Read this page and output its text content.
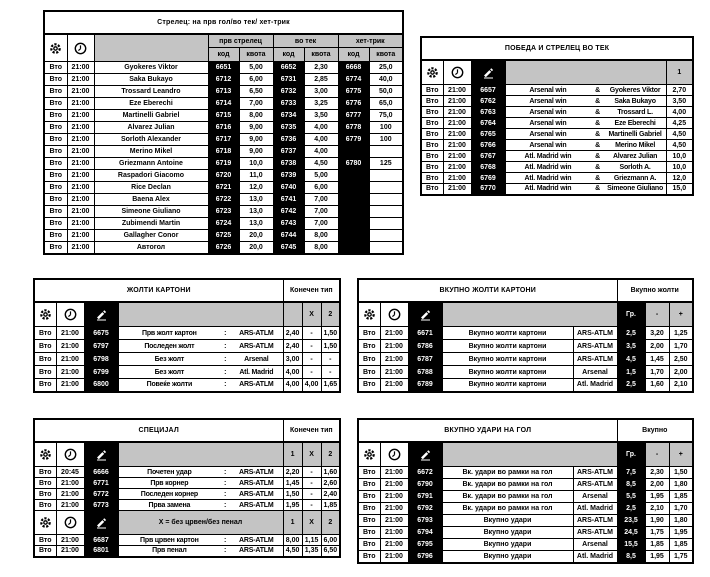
Стрелец: на прв гол/во тек/ хет-трик								

		прв стрелец		во тек		хет-трик	
			код	квота	код	квота	код	квота
Вто	21:00	Gyokeres Viktor	6651	5,00	6652	2,30	6668	25,0
Вто	21:00	Saka Bukayo	6712	6,00	6731	2,85	6774	40,0
Вто	21:00	Trossard Leandro	6713	6,50	6732	3,00	6775	50,0
Вто	21:00	Eze Eberechi	6714	7,00	6733	3,25	6776	65,0
Вто	21:00	Martinelli Gabriel	6715	8,00	6734	3,50	6777	75,0
Вто	21:00	Alvarez Julian	6716	9,00	6735	4,00	6778	100
Вто	21:00	Sorloth Alexander	6717	9,00	6736	4,00	6779	100
Вто	21:00	Merino Mikel	6718	9,00	6737	4,00		
Вто	21:00	Griezmann Antoine	6719	10,0	6738	4,50	6780	125
Вто	21:00	Raspadori Giacomo	6720	11,0	6739	5,00		
Вто	21:00	Rice Declan	6721	12,0	6740	6,00		
Вто	21:00	Baena Alex	6722	13,0	6741	7,00		
Вто	21:00	Simeone Giuliano	6723	13,0	6742	7,00		
Вто	21:00	Zubimendi Martin	6724	13,0	6743	7,00		
Вто	21:00	Gallagher Conor	6725	20,0	6744	8,00		
Вто	21:00	Автогол	6726	20,0	6745	8,00		
ПОБЕДА И СТРЕЛЕЦ ВО ТЕК				

		1
Вто	21:00	6657	Arsenal win & Gyokeres Viktor	2,70
Вто	21:00	6762	Arsenal win & Saka Bukayo	3,50
Вто	21:00	6763	Arsenal win & Trossard L.	4,00
Вто	21:00	6764	Arsenal win & Eze Eberechi	4,25
Вто	21:00	6765	Arsenal win & Martinelli Gabriel	4,50
Вто	21:00	6766	Arsenal win & Merino Mikel	4,50
Вто	21:00	6767	Atl. Madrid win & Alvarez Julian	10,0
Вто	21:00	6768	Atl. Madrid win & Sorloth A.	10,0
Вто	21:00	6769	Atl. Madrid win & Griezmann A.	12,0
Вто	21:00	6770	Atl. Madrid win & Simeone Giuliano	15,0
ЖОЛТИ КАРТОНИ				Конечен тип		

			X	2
Вто	21:00	6675	Прв жолт картон : ARS-ATLM	2,40	-	1,50
Вто	21:00	6797	Последен жолт : ARS-ATLM	2,40	-	1,50
Вто	21:00	6798	Без жолт : Arsenal	3,00	-	-
Вто	21:00	6799	Без жолт : Atl. Madrid	4,00	-	-
Вто	21:00	6800	Повеќе жолти : ARS-ATLM	4,00	4,00	1,65
ВКУПНО ЖОЛТИ КАРТОНИ					Вкупно жолти		

		Гр.	-	+
Вто	21:00	6671	Вкупно жолти картони	ARS-ATLM	2,5	3,20	1,25
Вто	21:00	6786	Вкупно жолти картони	ARS-ATLM	3,5	2,00	1,70
Вто	21:00	6787	Вкупно жолти картони	ARS-ATLM	4,5	1,45	2,50
Вто	21:00	6788	Вкупно жолти картони	Arsenal	1,5	1,70	2,00
Вто	21:00	6789	Вкупно жолти картони	Atl. Madrid	2,5	1,60	2,10
СПЕЦИЈАЛ				Конечен тип		

		1	X	2
Вто	20:45	6666	Почетен удар : ARS-ATLM	2,20	-	1,60
Вто	21:00	6771	Прв корнер : ARS-ATLM	1,45	-	2,60
Вто	21:00	6772	Последен корнер : ARS-ATLM	1,50	-	2,40
Вто	21:00	6773	Прва замена : ARS-ATLM	1,95	-	1,85

	X = без црвен/без пенал	1	X	2
Вто	21:00	6687	Прв црвен картон : ARS-ATLM	8,00	1,15	6,00
Вто	21:00	6801	Прв пенал : ARS-ATLM	4,50	1,35	6,50
ВКУПНО УДАРИ НА ГОЛ					Вкупно		

		Гр.	-	+
Вто	21:00	6672	Вк. удари во рамки на гол	ARS-ATLM	7,5	2,30	1,50
Вто	21:00	6790	Вк. удари во рамки на гол	ARS-ATLM	8,5	2,00	1,80
Вто	21:00	6791	Вк. удари во рамки на гол	Arsenal	5,5	1,95	1,85
Вто	21:00	6792	Вк. удари во рамки на гол	Atl. Madrid	2,5	2,10	1,70
Вто	21:00	6793	Вкупно удари	ARS-ATLM	23,5	1,90	1,80
Вто	21:00	6794	Вкупно удари	ARS-ATLM	24,5	1,75	1,95
Вто	21:00	6795	Вкупно удари	Arsenal	15,5	1,85	1,85
Вто	21:00	6796	Вкупно удари	Atl. Madrid	8,5	1,95	1,75
